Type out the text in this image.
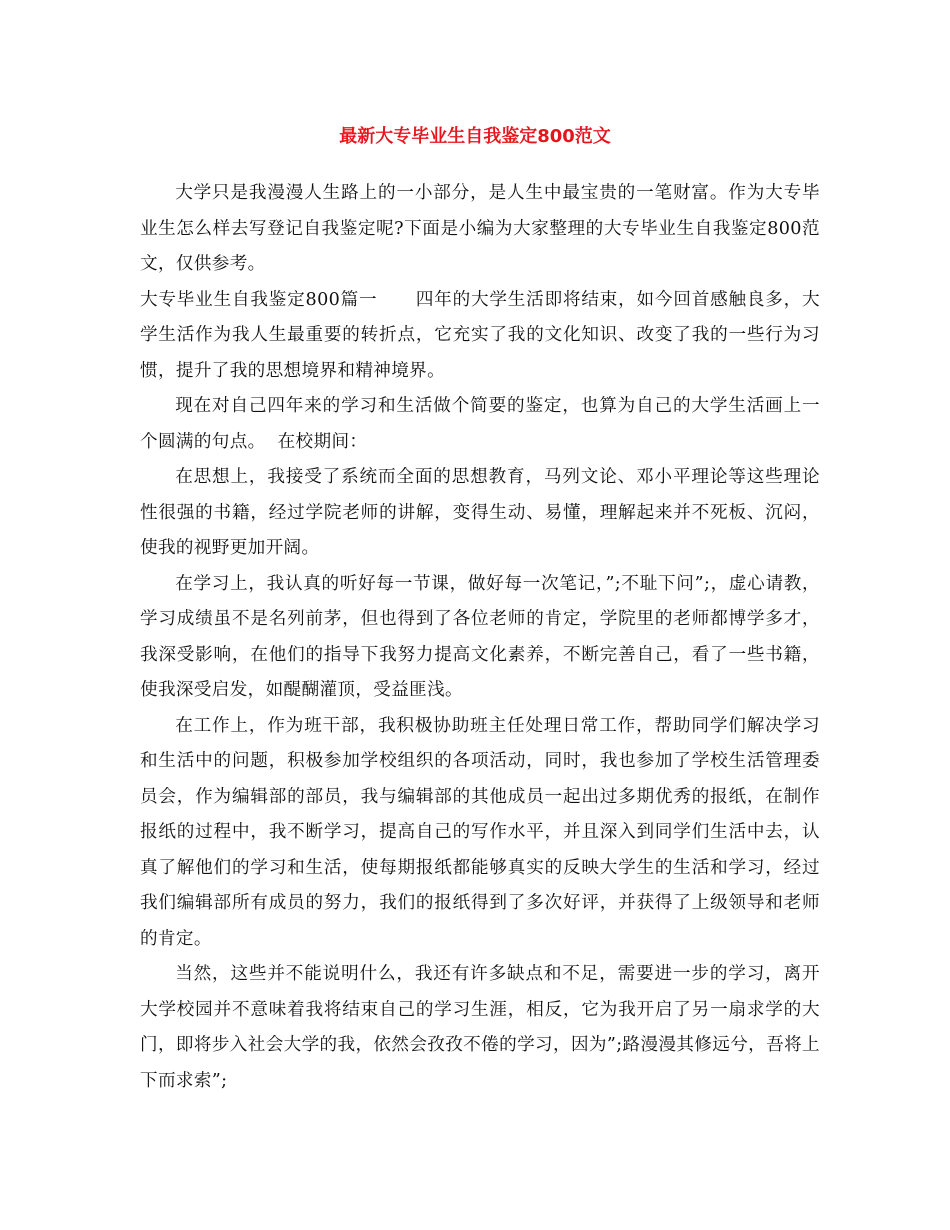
最新大专毕业生自我鉴定800范文

大学只是我漫漫人生路上的一小部分，是人生中最宝贵的一笔财富。作为大专毕业生怎么样去写登记自我鉴定呢?下面是小编为大家整理的大专毕业生自我鉴定800范文，仅供参考。

大专毕业生自我鉴定800篇一 四年的大学生活即将结束，如今回首感触良多，大学生活作为我人生最重要的转折点，它充实了我的文化知识、改变了我的一些行为习惯，提升了我的思想境界和精神境界。

现在对自己四年来的学习和生活做个简要的鉴定，也算为自己的大学生活画上一个圆满的句点。 在校期间：

在思想上，我接受了系统而全面的思想教育，马列文论、邓小平理论等这些理论性很强的书籍，经过学院老师的讲解，变得生动、易懂，理解起来并不死板、沉闷，使我的视野更加开阔。

在学习上，我认真的听好每一节课，做好每一次笔记，”;不耻下问”;，虚心请教，学习成绩虽不是名列前茅，但也得到了各位老师的肯定，学院里的老师都博学多才，我深受影响，在他们的指导下我努力提高文化素养，不断完善自己，看了一些书籍，使我深受启发，如醍醐灌顶，受益匪浅。

在工作上，作为班干部，我积极协助班主任处理日常工作，帮助同学们解决学习和生活中的问题，积极参加学校组织的各项活动，同时，我也参加了学校生活管理委员会，作为编辑部的部员，我与编辑部的其他成员一起出过多期优秀的报纸，在制作报纸的过程中，我不断学习，提高自己的写作水平，并且深入到同学们生活中去，认真了解他们的学习和生活，使每期报纸都能够真实的反映大学生的生活和学习，经过我们编辑部所有成员的努力，我们的报纸得到了多次好评，并获得了上级领导和老师的肯定。

当然，这些并不能说明什么，我还有许多缺点和不足，需要进一步的学习，离开大学校园并不意味着我将结束自己的学习生涯，相反，它为我开启了另一扇求学的大门，即将步入社会大学的我，依然会孜孜不倦的学习，因为”;路漫漫其修远兮，吾将上下而求索”;
